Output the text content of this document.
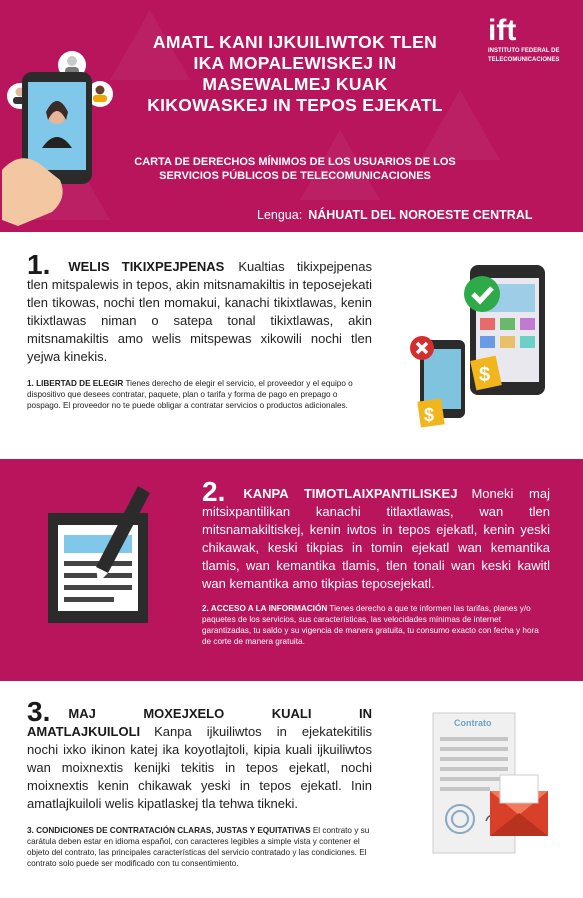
AMATL KANI IJKUILIWTOK TLEN IKA MOPALEWISKEJ IN MASEWALMEJ KUAK KIKOWASKEJ IN TEPOS EJEKATL
CARTA DE DERECHOS MÍNIMOS DE LOS USUARIOS DE LOS SERVICIOS PÚBLICOS DE TELECOMUNICACIONES
Lengua: NÁHUATL DEL NOROESTE CENTRAL
ift
INSTITUTO FEDERAL DE
TELECOMUNICACIONES
1. WELIS TIKIXPEJPENAS Kualtias tikixpejpenas tlen mitspalewis in tepos, akin mitsnamakiltis in teposejekati tlen tikowas, nochi tlen momakui, kanachi tikixtlawas, kenin tikixtlawas niman o satepa tonal tikixtlawas, akin mitsnamakiltis amo welis mitspewas xikowili nochi tlen yejwa kinekis.
1. LIBERTAD DE ELEGIR Tienes derecho de elegir el servicio, el proveedor y el equipo o dispositivo que desees contratar, paquete, plan o tarifa y forma de pago en prepago o pospago. El proveedor no te puede obligar a contratar servicios o productos adicionales.
$
$
2. KANPA TIMOTLAIXPANTILISKEJ Moneki maj mitsixpantilikan kanachi titlaxtlawas, wan tlen mitsnamakiltiskej, kenin iwtos in tepos ejekatl, kenin yeski chikawak, keski tikpias in tomin ejekatl wan kemantika tlamis, wan kemantika tlamis, tlen tonali wan keski kawitl wan kemantika amo tikpias teposejekatl.
2. ACCESO A LA INFORMACIÓN Tienes derecho a que te informen las tarifas, planes y/o paquetes de los servicios, sus características, las velocidades mínimas de internet garantizadas, tu saldo y su vigencia de manera gratuita, tu consumo exacto con fecha y hora de corte de manera gratuita.
3. MAJ MOXEJXELO KUALI IN AMATLAJKUILOLI Kanpa ijkuiliwtos in ejekatekitilis nochi ixko ikinon katej ika koyotlajtoli, kipia kuali ijkuiliwtos wan moixnextis kenijki tekitis in tepos ejekatl, nochi moixnextis kenin chikawak yeski in tepos ejekatl. Inin amatlajkuiloli welis kipatlaskej tla tehwa tikneki.
3. CONDICIONES DE CONTRATACIÓN CLARAS, JUSTAS Y EQUITATIVAS El contrato y su carátula deben estar en idioma español, con caracteres legibles a simple vista y contener el objeto del contrato, las principales características del servicio contratado y las condiciones. El contrato solo puede ser modificado con tu consentimiento.
Contrato
